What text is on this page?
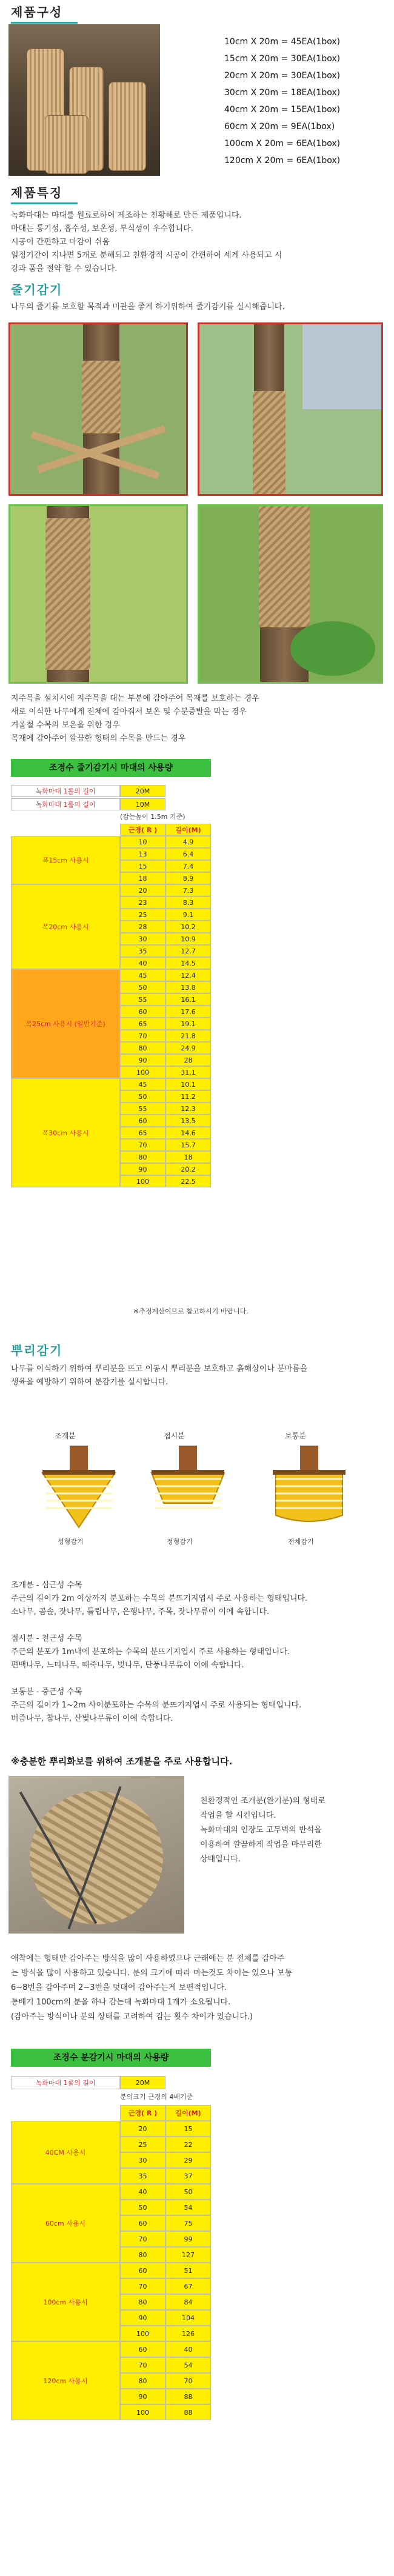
제품구성
10cm X 20m = 45EA(1box)
15cm X 20m = 30EA(1box)
20cm X 20m = 30EA(1box)
30cm X 20m = 18EA(1box)
40cm X 20m = 15EA(1box)
60cm X 20m = 9EA(1box)
100cm X 20m = 6EA(1box)
120cm X 20m = 6EA(1box)
제품특징
녹화마대는 마대를 원료로하여 제조하는 친황해로 만든 제품입니다.
마대는 통기성, 흡수성, 보온성, 부식성이 우수합니다.
시공이 간편하고 마감이 쉬움
일정기간이 지나면 5개로 분해되고 친환경적 시공이 간편하여 세계 사용되고 시
강과 품을 절약 할 수 있습니다.
줄기감기
나무의 줄기를 보호할 목적과 미관을 좋게 하기위하여 줄기감기를 실시해줍니다.
지주목을 설치시에 지주목을 대는 부분에 감아주어 목재를 보호하는 경우
새로 이식한 나무에게 전체에 감아줘서 보온 및 수분증발을 막는 경우
겨울철 수목의 보온을 위한 경우
목재에 감아주어 깔끔한 형태의 수목을 만드는 경우
조경수 줄기감기시 마대의 사용량
녹화마대 1롤의 길이	20M
녹화마대 1롤의 길이	10M
(감는높이 1.5m 기준)
근경( R )	길이(M)
폭15cm 사용시
10	4.9
13	6.4
15	7.4
18	8.9
폭20cm 사용시
20	7.3
23	8.3
25	9.1
28	10.2
30	10.9
35	12.7
40	14.5
폭25cm 사용시 (일반기준)
45	12.4
50	13.8
55	16.1
60	17.6
65	19.1
70	21.8
80	24.9
90	28
100	31.1
폭30cm 사용시
45	10.1
50	11.2
55	12.3
60	13.5
65	14.6
70	15.7
80	18
90	20.2
100	22.5
※추정계산이므로 참고하시기 바랍니다.
뿌리감기
나무를 이식하기 위하여 뿌리분을 뜨고 이동시 뿌리분을 보호하고 흙해상이나 분마름을
생육을 예방하기 위하여 분감기를 실시합니다.
조개분
성형감기
접시분
정형감기
보통분
전체감기
조개분 - 심근성 수목
주근의 길이가 2m 이상까지 분포하는 수목의 분뜨기지엽시 주로 사용하는 형태입니다.
소나무, 곰솔, 잣나무, 튤립나무, 은행나무, 주목, 잣나무류이 이에 속합니다.
접시분 - 천근성 수목
주근의 분포가 1m내에 분포하는 수목의 분뜨기지엽시 주로 사용하는 형태입니다.
편백나무, 느티나무, 때죽나무, 벚나무, 단풍나무류이 이에 속합니다.
보통분 - 중근성 수목
주근의 길이가 1~2m 사이분포하는 수목의 분뜨기지엽시 주로 사용되는 형태입니다.
버즘나무, 참나무, 산벚나무류이 이에 속합니다.
※충분한 뿌리화보를 위하여 조개분을 주로 사용합니다.
친환경적인 조개분(완기분)의 형태로
작업을 할 시킨입니다.
녹화마대의 인장도 고무벽의 반석을
이용하여 깔끔하게 작업을 마무리한
상태입니다.
애착에는 형태만 감아주는 방식을 많이 사용하였으나 근래에는 분 전체를 감아주
는 방식을 많이 사용하고 있습니다. 분의 크기에 따라 마는것도 차이는 있으나 보통
6~8번을 감아주며 2~3번을 덧대어 감아주는게 보편적입니다.
통배기 100cm의 분을 하나 감는데 녹화마대 1개가 소요됩니다.
(감아주는 방식이나 분의 상태를 고려하여 감는 횟수 차이가 있습니다.)
조경수 분감기시 마대의 사용량
녹화마대 1롤의 길이	20M
분의크기 근경의 4배기준
근경( R )	길이(M)
40CM 사용시
20	15
25	22
30	29
35	37
60cm 사용시
40	50
50	54
60	75
70	99
80	127
100cm 사용시
60	51
70	67
80	84
90	104
100	126
120cm 사용시
60	40
70	54
80	70
90	88
100	88
